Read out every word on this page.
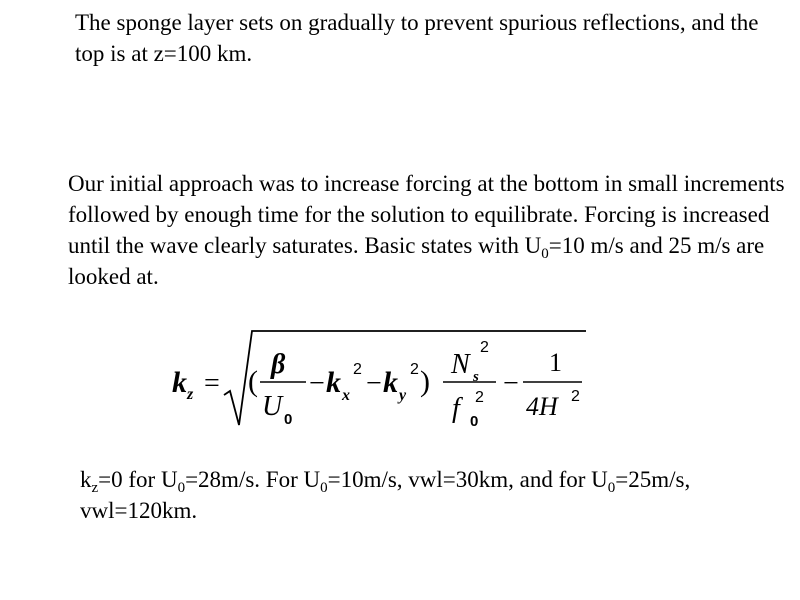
The sponge layer sets on gradually to prevent spurious reflections, and the top is at z=100 km.

Our initial approach was to increase forcing at the bottom in small increments followed by enough time for the solution to equilibrate. Forcing is increased until the wave clearly saturates. Basic states with $U_0=10$ m/s and 25 m/s are looked at.

k z = (
β
U 0
− k x
2 − k y
2 )
N s
2
f 0
2 −
1
4H 2

$k_z=0$ for $U_0=28m/s$. For $U_0=10m/s$, vwl=30km, and for $U_0=25m/s$, vwl=120km.
